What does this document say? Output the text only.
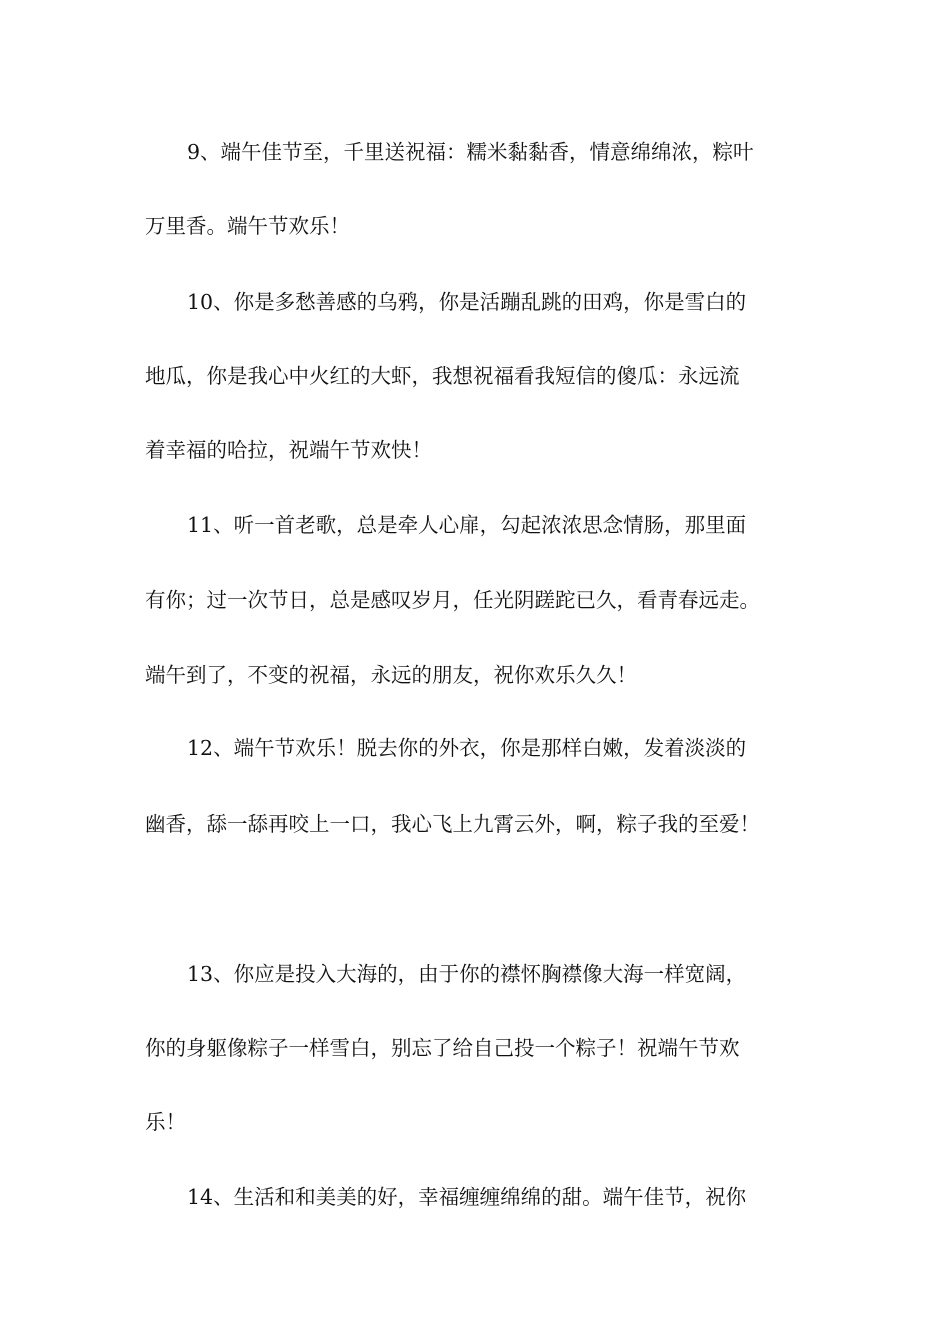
9、端午佳节至，千里送祝福：糯米黏黏香，情意绵绵浓，粽叶

万里香。端午节欢乐！

10、你是多愁善感的乌鸦，你是活蹦乱跳的田鸡，你是雪白的

地瓜，你是我心中火红的大虾，我想祝福看我短信的傻瓜：永远流

着幸福的哈拉，祝端午节欢快！

11、听一首老歌，总是牵人心扉，勾起浓浓思念情肠，那里面

有你；过一次节日，总是感叹岁月，任光阴蹉跎已久，看青春远走。

端午到了，不变的祝福，永远的朋友，祝你欢乐久久！

12、端午节欢乐！脱去你的外衣，你是那样白嫩，发着淡淡的

幽香，舔一舔再咬上一口，我心飞上九霄云外，啊，粽子我的至爱！

13、你应是投入大海的，由于你的襟怀胸襟像大海一样宽阔，

你的身躯像粽子一样雪白，别忘了给自己投一个粽子！祝端午节欢

乐！

14、生活和和美美的好，幸福缠缠绵绵的甜。端午佳节，祝你
